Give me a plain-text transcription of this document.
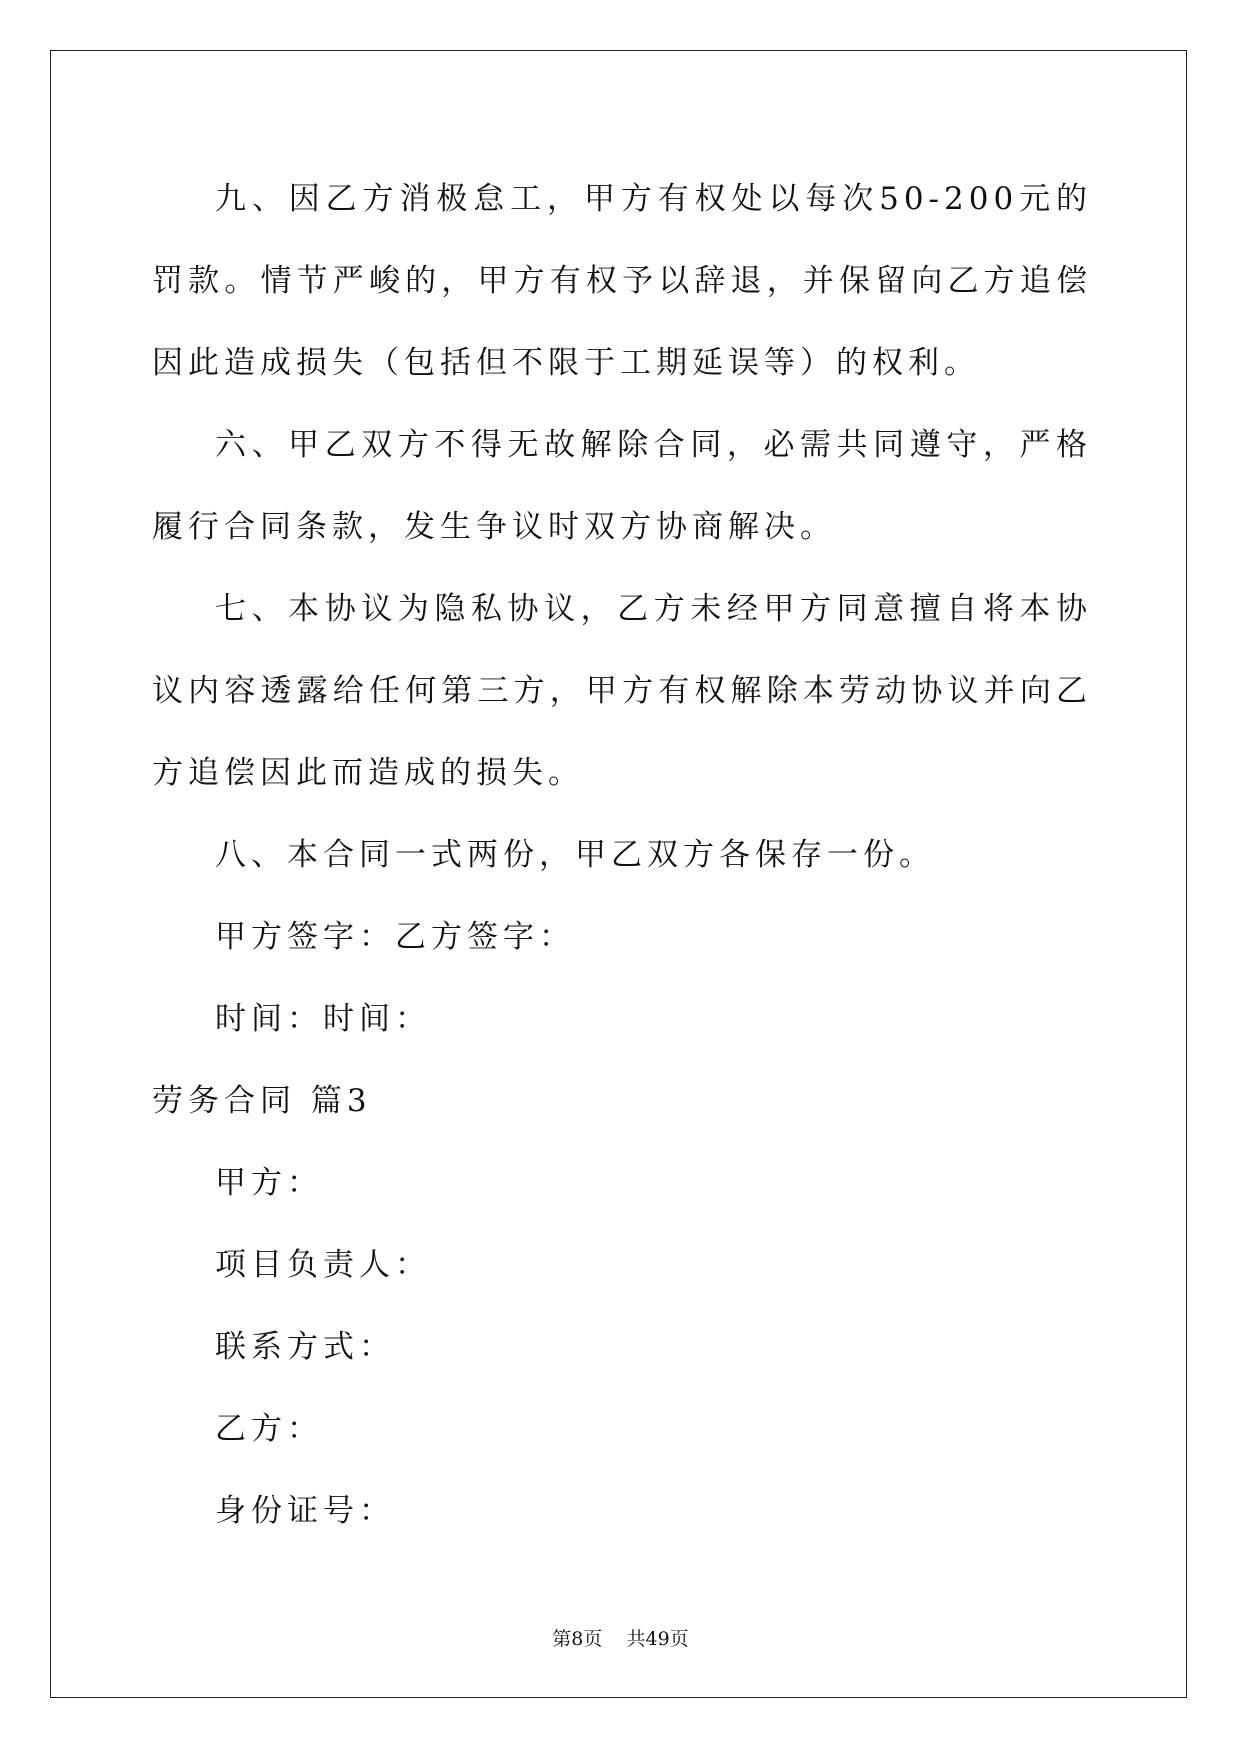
九、因乙方消极怠工，甲方有权处以每次50-200元的罚款。情节严峻的，甲方有权予以辞退，并保留向乙方追偿因此造成损失（包括但不限于工期延误等）的权利。

六、甲乙双方不得无故解除合同，必需共同遵守，严格履行合同条款，发生争议时双方协商解决。

七、本协议为隐私协议，乙方未经甲方同意擅自将本协议内容透露给任何第三方，甲方有权解除本劳动协议并向乙方追偿因此而造成的损失。

八、本合同一式两份，甲乙双方各保存一份。

甲方签字：乙方签字：

时间：时间：

劳务合同 篇3

甲方：

项目负责人：

联系方式：

乙方：

身份证号：

第8页 共49页
